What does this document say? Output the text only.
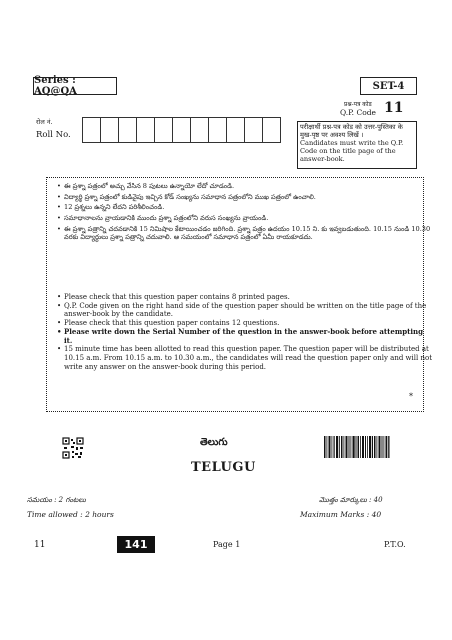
Series : AQ@QA	SET-4
प्रश्न-पत्र कोड
Q.P. Code 11
रोल नं.
Roll No.
परीक्षार्थी प्रश्न-पत्र कोड को उत्तर-पुस्तिका के मुख-पृष्ठ पर अवश्य लिखें ।
Candidates must write the Q.P. Code on the title page of the answer-book.
• ఈ ప్రశ్నా పత్రంలో అచ్చు వేసిన 8 పుటలు ఉన్నాయో లేదో చూడండి.
• విద్యార్థి ప్రశ్నా పత్రంలో కుడివైపు ఇచ్చిన కోడ్ సంఖ్యను సమాధాన పత్రంలోని ముఖ పత్రంలో ఉంచాలి.
• 12 ప్రశ్నలు ఉన్నని లేదని పరిశీలించండి.
• సమాధానాలను వ్రాయడానికి ముందు ప్రశ్నా పత్రంలోని వరుస సంఖ్యను వ్రాయండి.
• ఈ ప్రశ్నా పత్రాన్ని చదవడానికి 15 నిమిషాల కేటాయించడం జరిగింది. ప్రశ్నా పత్రం ఉదయం 10.15 ని. కు ఇవ్వబడుతుంది. 10.15 నుండి 10.30 వరకు విద్యార్థులు ప్రశ్నా పత్రాన్ని చదువాలి. ఆ సమయంలో సమాధాన పత్రంలో ఏమీ రాయకూడదు.
• Please check that this question paper contains 8 printed pages.
• Q.P. Code given on the right hand side of the question paper should be written on the title page of the answer-book by the candidate.
• Please check that this question paper contains 12 questions.
• Please write down the Serial Number of the question in the answer-book before attempting it.
• 15 minute time has been allotted to read this question paper. The question paper will be distributed at 10.15 a.m. From 10.15 a.m. to 10.30 a.m., the candidates will read the question paper only and will not write any answer on the answer-book during this period.
*
తెలుగు
TELUGU
సమయం : 2 గంటలు
Time allowed : 2 hours
మొత్తం మార్కులు : 40
Maximum Marks : 40
11	141	Page 1	P.T.O.
